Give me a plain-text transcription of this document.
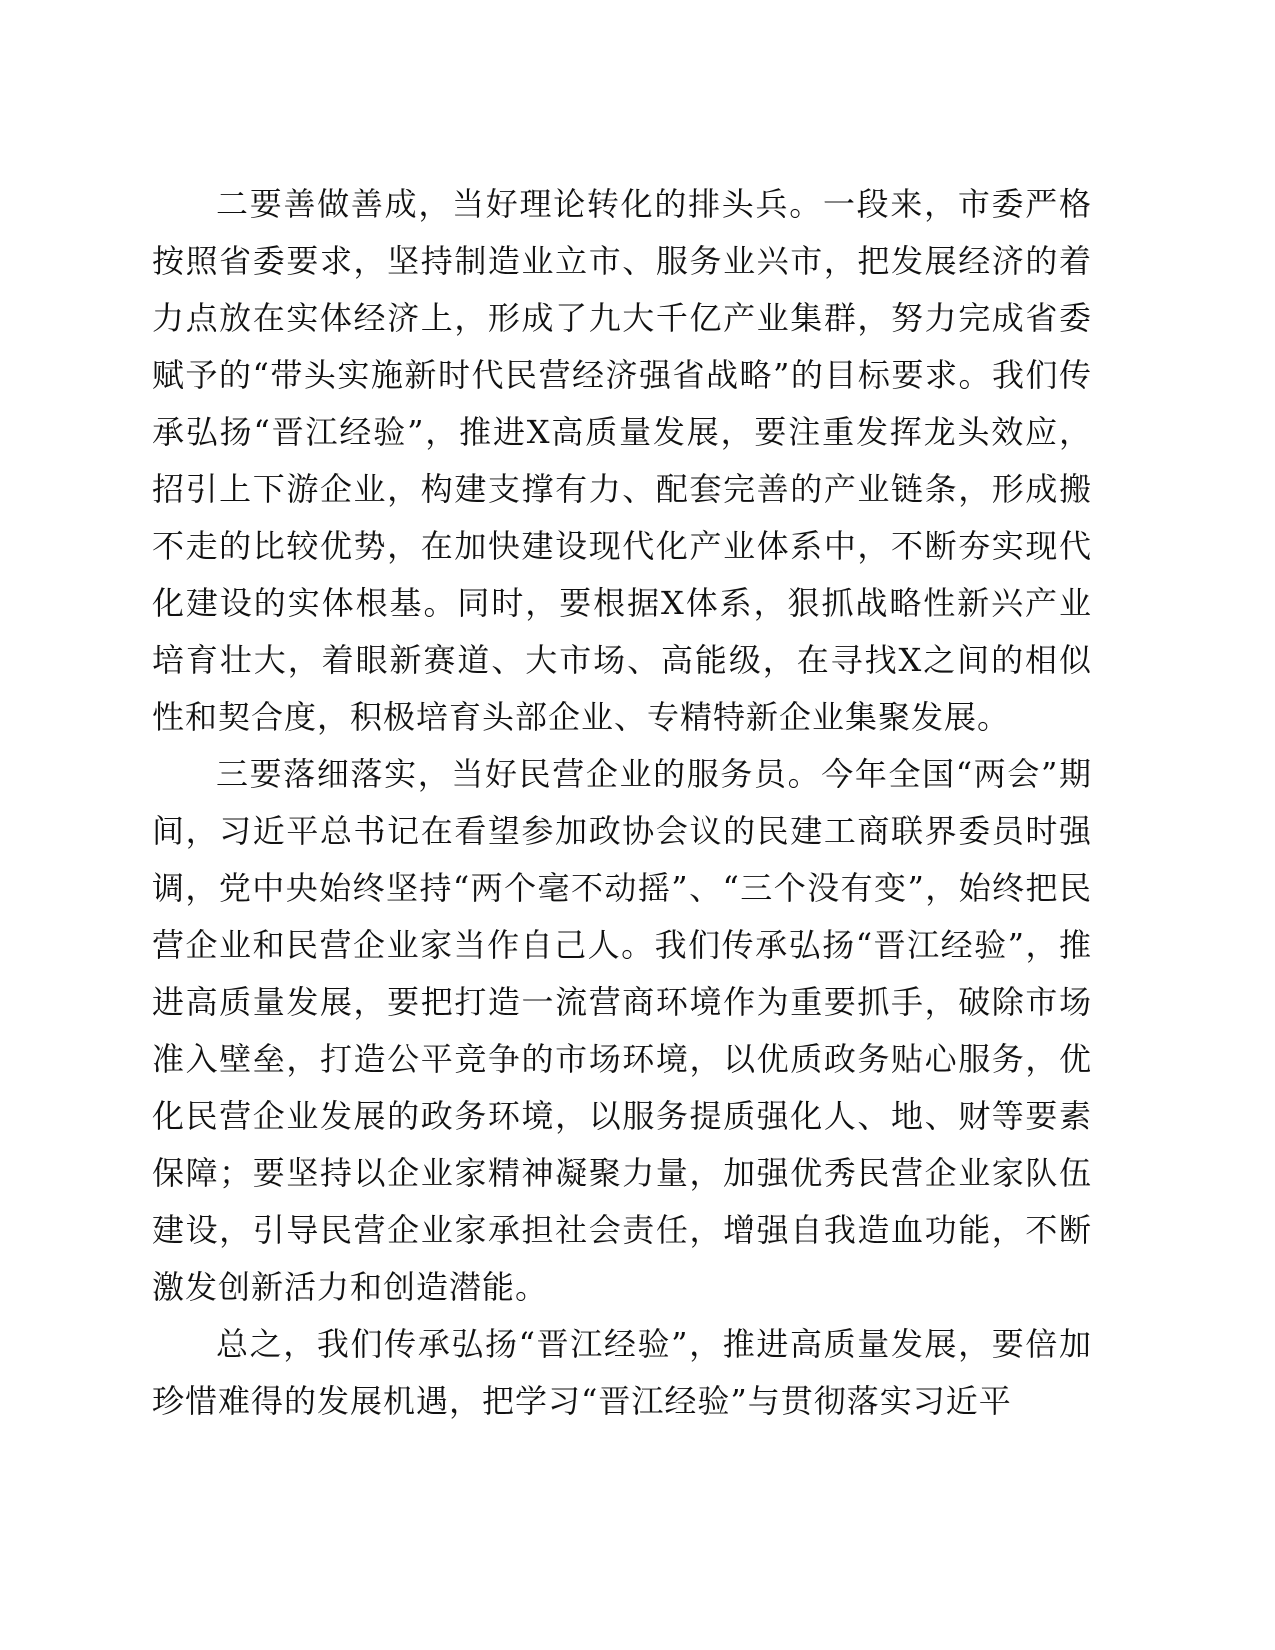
二要善做善成，当好理论转化的排头兵。一段来，市委严格按照省委要求，坚持制造业立市、服务业兴市，把发展经济的着力点放在实体经济上，形成了九大千亿产业集群，努力完成省委赋予的“带头实施新时代民营经济强省战略”的目标要求。我们传承弘扬“晋江经验”，推进X高质量发展，要注重发挥龙头效应，招引上下游企业，构建支撑有力、配套完善的产业链条，形成搬不走的比较优势，在加快建设现代化产业体系中，不断夯实现代化建设的实体根基。同时，要根据X体系，狠抓战略性新兴产业培育壮大，着眼新赛道、大市场、高能级，在寻找X之间的相似性和契合度，积极培育头部企业、专精特新企业集聚发展。

三要落细落实，当好民营企业的服务员。今年全国“两会”期间，习近平总书记在看望参加政协会议的民建工商联界委员时强调，党中央始终坚持“两个毫不动摇”、“三个没有变”，始终把民营企业和民营企业家当作自己人。我们传承弘扬“晋江经验”，推进高质量发展，要把打造一流营商环境作为重要抓手，破除市场准入壁垒，打造公平竞争的市场环境，以优质政务贴心服务，优化民营企业发展的政务环境，以服务提质强化人、地、财等要素保障；要坚持以企业家精神凝聚力量，加强优秀民营企业家队伍建设，引导民营企业家承担社会责任，增强自我造血功能，不断激发创新活力和创造潜能。

总之，我们传承弘扬“晋江经验”，推进高质量发展，要倍加珍惜难得的发展机遇，把学习“晋江经验”与贯彻落实习近平
